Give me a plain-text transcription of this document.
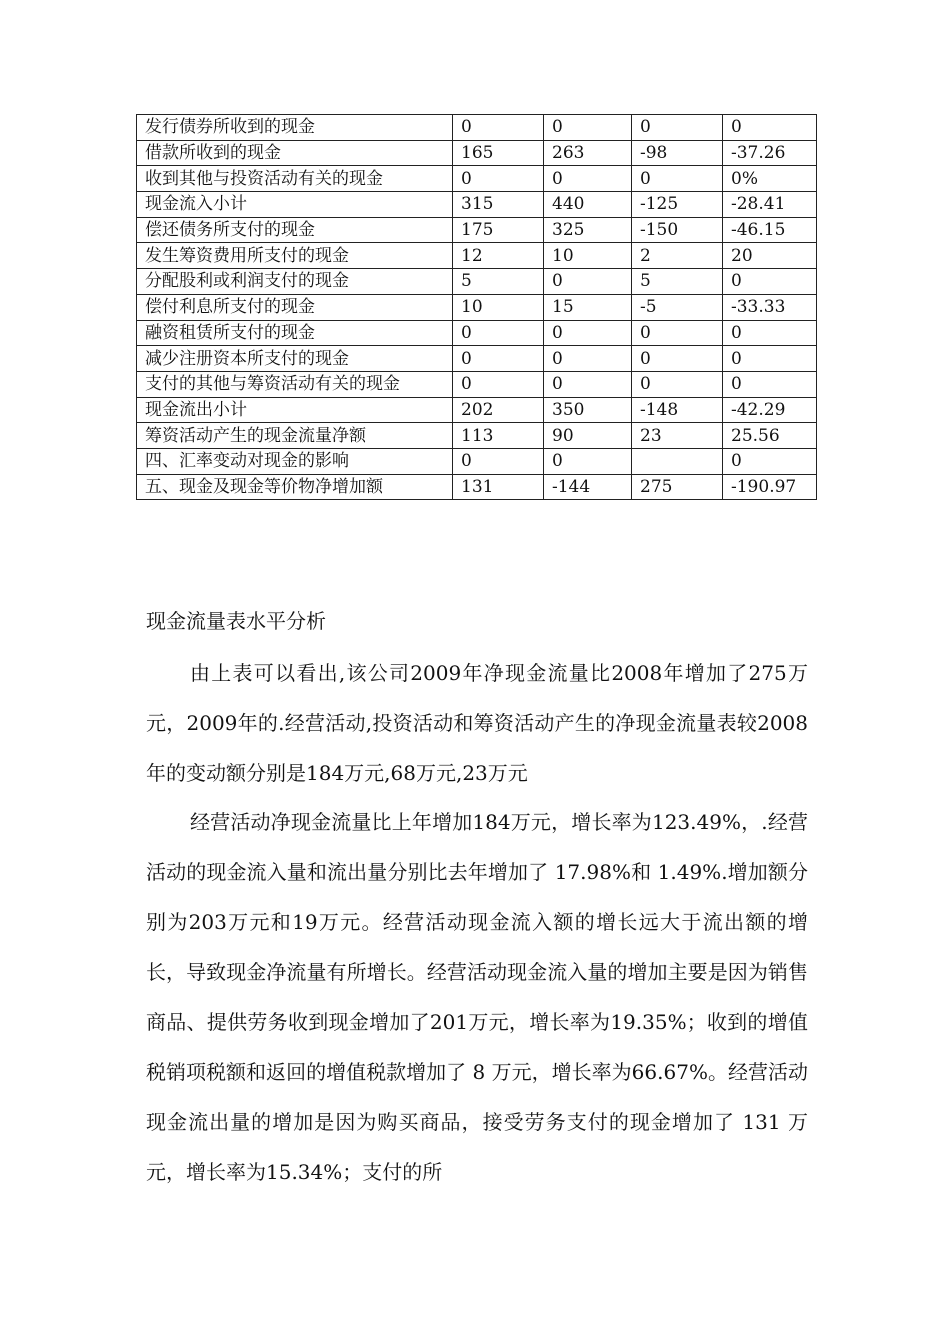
发行债券所收到的现金	0	0	0	0
借款所收到的现金	165	263	-98	-37.26
收到其他与投资活动有关的现金	0	0	0	0%
现金流入小计	315	440	-125	-28.41
偿还债务所支付的现金	175	325	-150	-46.15
发生筹资费用所支付的现金	12	10	2	20
分配股利或利润支付的现金	5	0	5	0
偿付利息所支付的现金	10	15	-5	-33.33
融资租赁所支付的现金	0	0	0	0
减少注册资本所支付的现金	0	0	0	0
支付的其他与筹资活动有关的现金	0	0	0	0
现金流出小计	202	350	-148	-42.29
筹资活动产生的现金流量净额	113	90	23	25.56
四、汇率变动对现金的影响	0	0		0
五、现金及现金等价物净增加额	131	-144	275	-190.97

现金流量表水平分析

由上表可以看出,该公司2009年净现金流量比2008年增加了275万元，2009年的.经营活动,投资活动和筹资活动产生的净现金流量表较2008年的变动额分别是184万元,68万元,23万元

经营活动净现金流量比上年增加184万元，增长率为123.49%，.经营活动的现金流入量和流出量分别比去年增加了 17.98%和 1.49%.增加额分别为203万元和19万元。经营活动现金流入额的增长远大于流出额的增长，导致现金净流量有所增长。经营活动现金流入量的增加主要是因为销售商品、提供劳务收到现金增加了201万元，增长率为19.35%；收到的增值税销项税额和返回的增值税款增加了 8 万元，增长率为66.67%。经营活动现金流出量的增加是因为购买商品，接受劳务支付的现金增加了 131 万元，增长率为15.34%；支付的所
